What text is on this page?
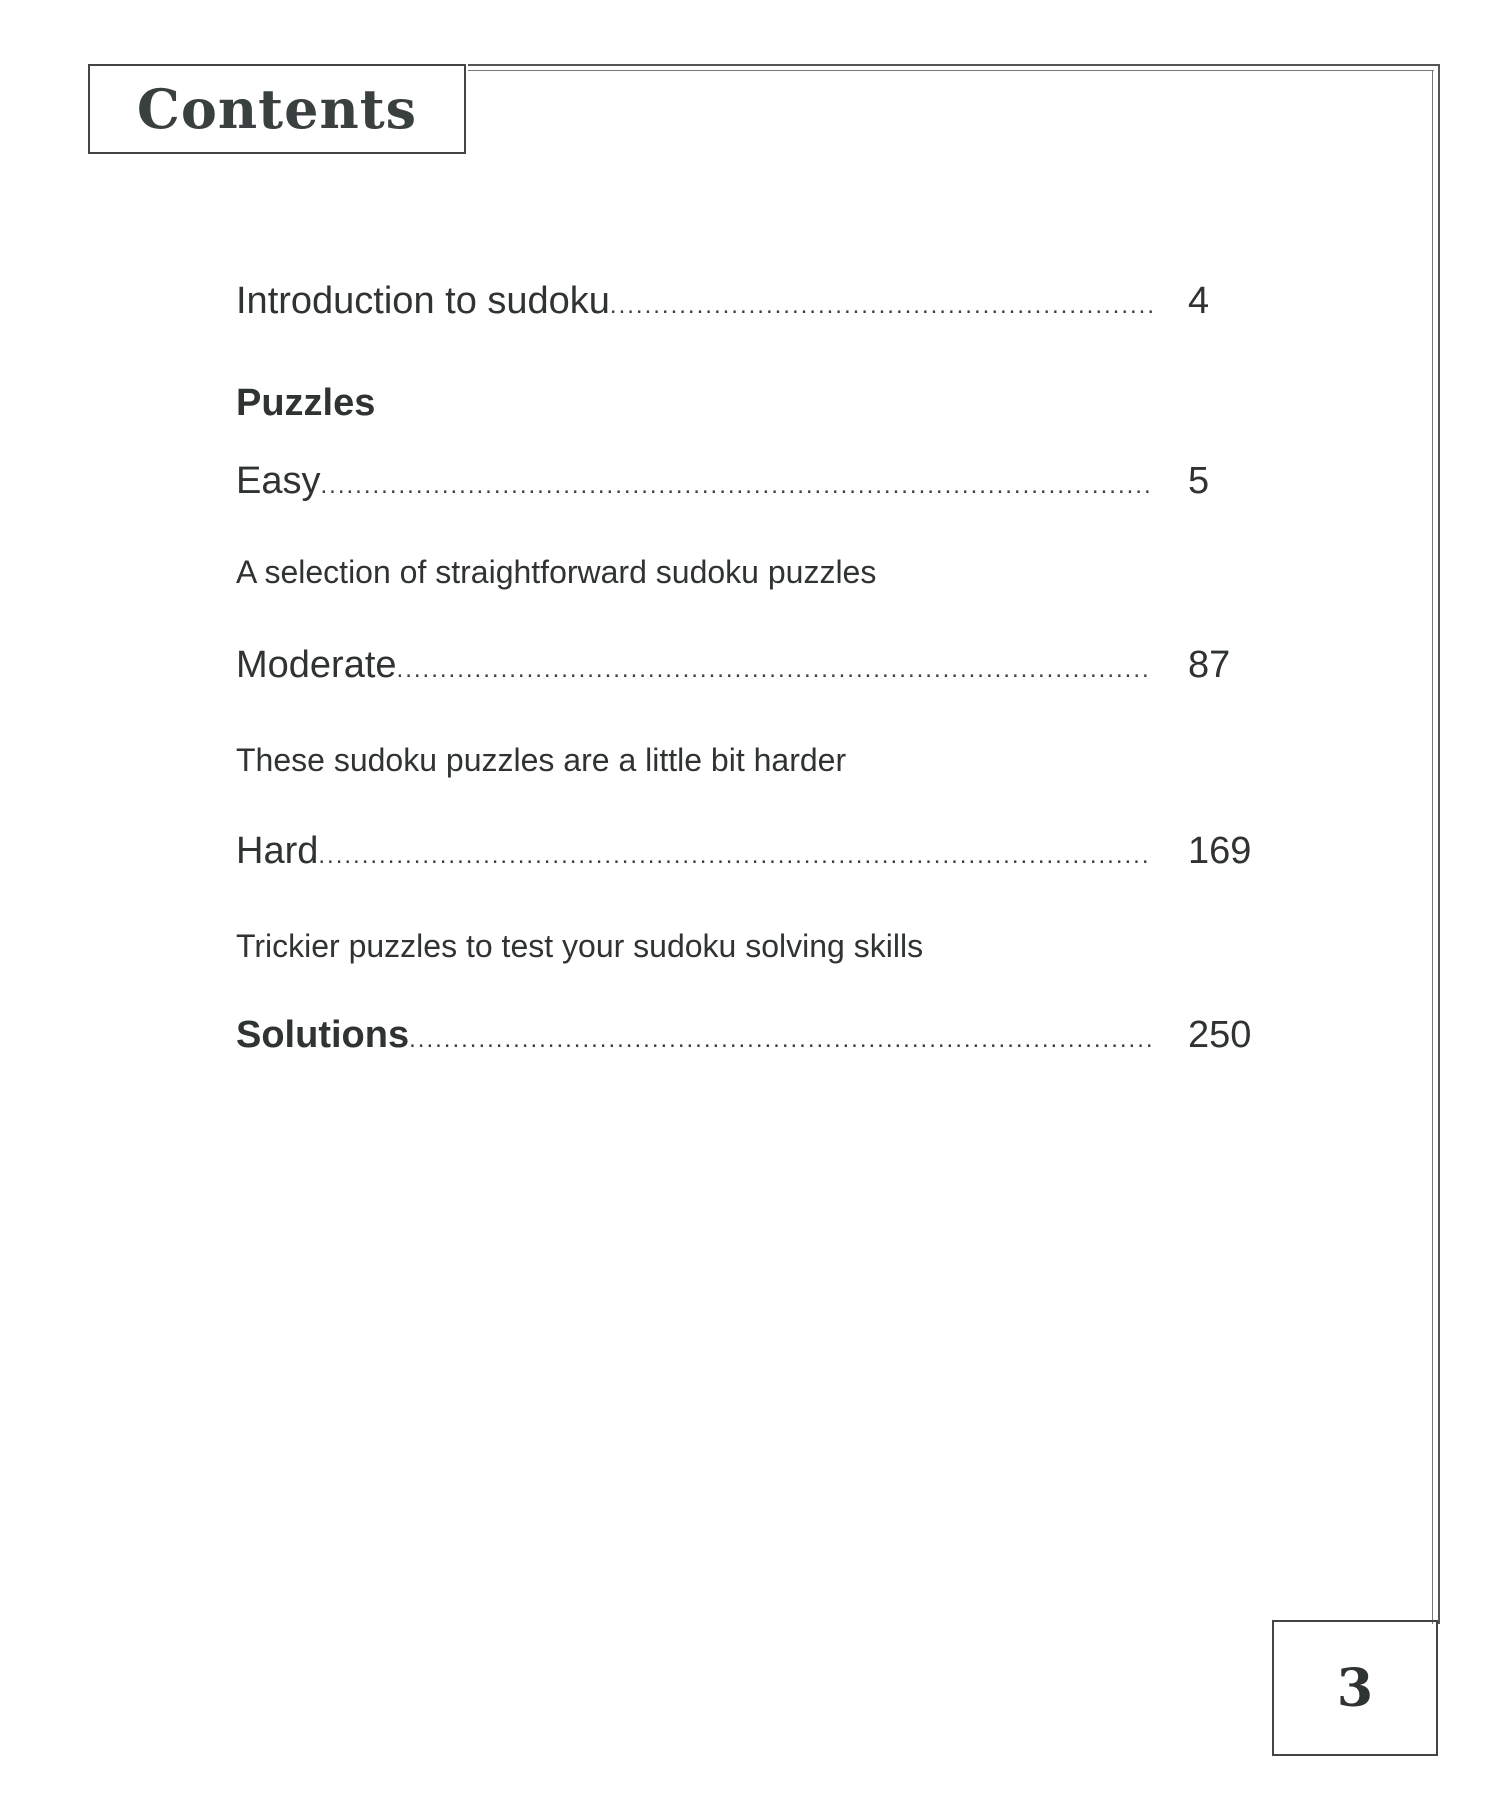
Contents
Introduction to sudoku .....	4
Puzzles
Easy .....	5
A selection of straightforward sudoku puzzles
Moderate .....	87
These sudoku puzzles are a little bit harder
Hard .....	169
Trickier puzzles to test your sudoku solving skills
Solutions .....	250
3
